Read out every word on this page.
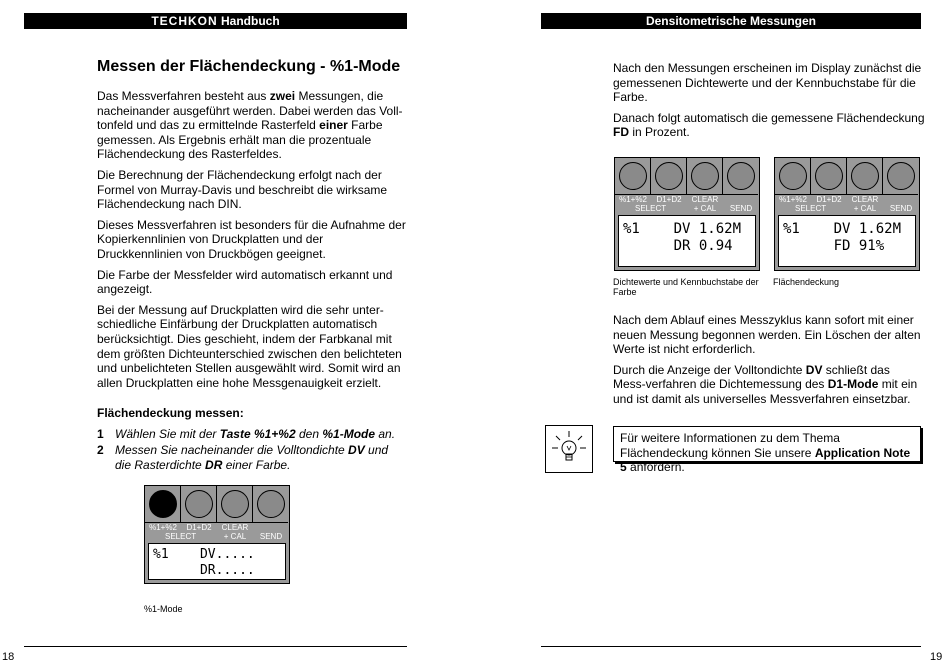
TECHKON Handbuch	Densitometrische Messungen
Messen der Flächendeckung - %1-Mode

Das Messverfahren besteht aus zwei Messungen, die nacheinander ausgeführt werden. Dabei werden das Voll-tonfeld und das zu ermittelnde Rasterfeld einer Farbe gemessen. Als Ergebnis erhält man die prozentuale Flächendeckung des Rasterfeldes.

Die Berechnung der Flächendeckung erfolgt nach der Formel von Murray-Davis und beschreibt die wirksame Flächendeckung nach DIN.

Dieses Messverfahren ist besonders für die Aufnahme der Kopierkennlinien von Druckplatten und der Druckkennlinien von Druckbögen geeignet.

Die Farbe der Messfelder wird automatisch erkannt und angezeigt.

Bei der Messung auf Druckplatten wird die sehr unter-schiedliche Einfärbung der Druckplatten automatisch berücksichtigt. Dies geschieht, indem der Farbkanal mit dem größten Dichteunterschied zwischen den belichteten und unbelichteten Stellen ausgewählt wird. Somit wird an allen Druckplatten eine hohe Messgenauigkeit erzielt.

Flächendeckung messen:

1 Wählen Sie mit der Taste %1+%2 den %1-Mode an.
2 Messen Sie nacheinander die Volltondichte DV und die Rasterdichte DR einer Farbe.
%1+%2	D1+D2	CLEAR
+ CAL	SEND
SELECT
%1    DV.....
DR.....
%1-Mode

Nach den Messungen erscheinen im Display zunächst die gemessenen Dichtewerte und der Kennbuchstabe für die Farbe.

Danach folgt automatisch die gemessene Flächendeckung FD in Prozent.

%1+%2	D1+D2	CLEAR
+ CAL	SEND
SELECT
%1    DV 1.62M
DR 0.94
Dichtewerte und Kennbuchstabe der Farbe
%1+%2	D1+D2	CLEAR
+ CAL	SEND
SELECT
%1    DV 1.62M
FD 91%
Flächendeckung

Nach dem Ablauf eines Messzyklus kann sofort mit einer neuen Messung begonnen werden. Ein Löschen der alten Werte ist nicht erforderlich.

Durch die Anzeige der Volltondichte DV schließt das Mess-verfahren die Dichtemessung des D1-Mode mit ein und ist damit als universelles Messverfahren einsetzbar.

Für weitere Informationen zu dem Thema Flächendeckung können Sie unsere Application Note 5 anfordern.
18	19
